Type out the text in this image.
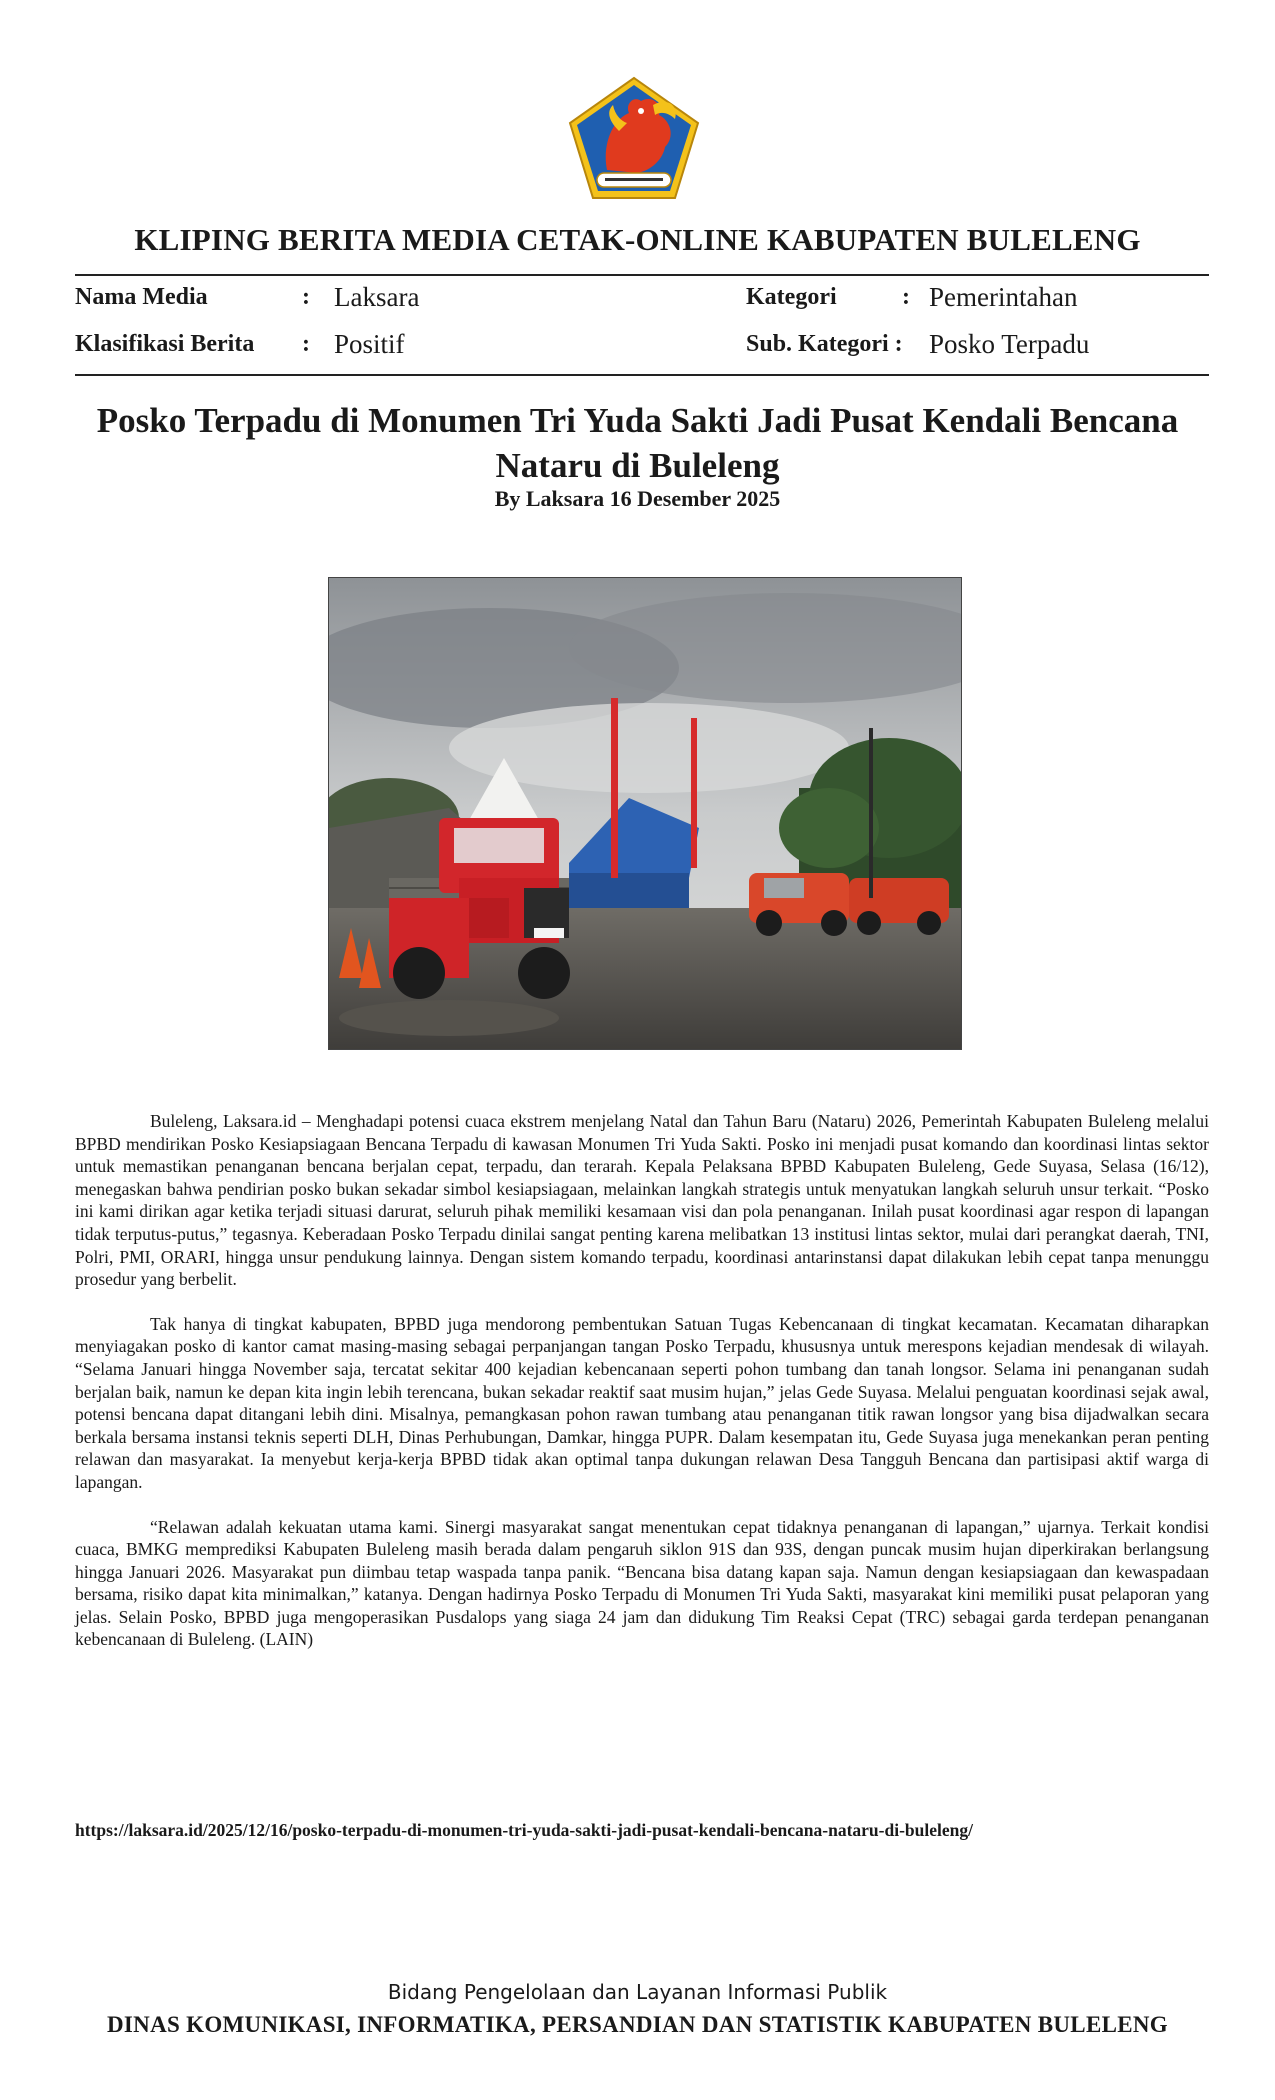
KLIPING BERITA MEDIA CETAK-ONLINE KABUPATEN BULELENG
Nama Media	: Laksara	Kategori	: Pemerintahan
Klasifikasi Berita : Positif	Sub. Kategori : Posko Terpadu
Posko Terpadu di Monumen Tri Yuda Sakti Jadi Pusat Kendali Bencana Nataru di Buleleng
By Laksara 16 Desember 2025

Buleleng, Laksara.id – Menghadapi potensi cuaca ekstrem menjelang Natal dan Tahun Baru (Nataru) 2026, Pemerintah Kabupaten Buleleng melalui BPBD mendirikan Posko Kesiapsiagaan Bencana Terpadu di kawasan Monumen Tri Yuda Sakti. Posko ini menjadi pusat komando dan koordinasi lintas sektor untuk memastikan penanganan bencana berjalan cepat, terpadu, dan terarah. Kepala Pelaksana BPBD Kabupaten Buleleng, Gede Suyasa, Selasa (16/12), menegaskan bahwa pendirian posko bukan sekadar simbol kesiapsiagaan, melainkan langkah strategis untuk menyatukan langkah seluruh unsur terkait. “Posko ini kami dirikan agar ketika terjadi situasi darurat, seluruh pihak memiliki kesamaan visi dan pola penanganan. Inilah pusat koordinasi agar respon di lapangan tidak terputus-putus,” tegasnya. Keberadaan Posko Terpadu dinilai sangat penting karena melibatkan 13 institusi lintas sektor, mulai dari perangkat daerah, TNI, Polri, PMI, ORARI, hingga unsur pendukung lainnya. Dengan sistem komando terpadu, koordinasi antarinstansi dapat dilakukan lebih cepat tanpa menunggu prosedur yang berbelit.

Tak hanya di tingkat kabupaten, BPBD juga mendorong pembentukan Satuan Tugas Kebencanaan di tingkat kecamatan. Kecamatan diharapkan menyiagakan posko di kantor camat masing-masing sebagai perpanjangan tangan Posko Terpadu, khususnya untuk merespons kejadian mendesak di wilayah. “Selama Januari hingga November saja, tercatat sekitar 400 kejadian kebencanaan seperti pohon tumbang dan tanah longsor. Selama ini penanganan sudah berjalan baik, namun ke depan kita ingin lebih terencana, bukan sekadar reaktif saat musim hujan,” jelas Gede Suyasa. Melalui penguatan koordinasi sejak awal, potensi bencana dapat ditangani lebih dini. Misalnya, pemangkasan pohon rawan tumbang atau penanganan titik rawan longsor yang bisa dijadwalkan secara berkala bersama instansi teknis seperti DLH, Dinas Perhubungan, Damkar, hingga PUPR. Dalam kesempatan itu, Gede Suyasa juga menekankan peran penting relawan dan masyarakat. Ia menyebut kerja-kerja BPBD tidak akan optimal tanpa dukungan relawan Desa Tangguh Bencana dan partisipasi aktif warga di lapangan.

“Relawan adalah kekuatan utama kami. Sinergi masyarakat sangat menentukan cepat tidaknya penanganan di lapangan,” ujarnya. Terkait kondisi cuaca, BMKG memprediksi Kabupaten Buleleng masih berada dalam pengaruh siklon 91S dan 93S, dengan puncak musim hujan diperkirakan berlangsung hingga Januari 2026. Masyarakat pun diimbau tetap waspada tanpa panik. “Bencana bisa datang kapan saja. Namun dengan kesiapsiagaan dan kewaspadaan bersama, risiko dapat kita minimalkan,” katanya. Dengan hadirnya Posko Terpadu di Monumen Tri Yuda Sakti, masyarakat kini memiliki pusat pelaporan yang jelas. Selain Posko, BPBD juga mengoperasikan Pusdalops yang siaga 24 jam dan didukung Tim Reaksi Cepat (TRC) sebagai garda terdepan penanganan kebencanaan di Buleleng. (LAIN)

https://laksara.id/2025/12/16/posko-terpadu-di-monumen-tri-yuda-sakti-jadi-pusat-kendali-bencana-nataru-di-buleleng/
Bidang Pengelolaan dan Layanan Informasi Publik
DINAS KOMUNIKASI, INFORMATIKA, PERSANDIAN DAN STATISTIK KABUPATEN BULELENG
